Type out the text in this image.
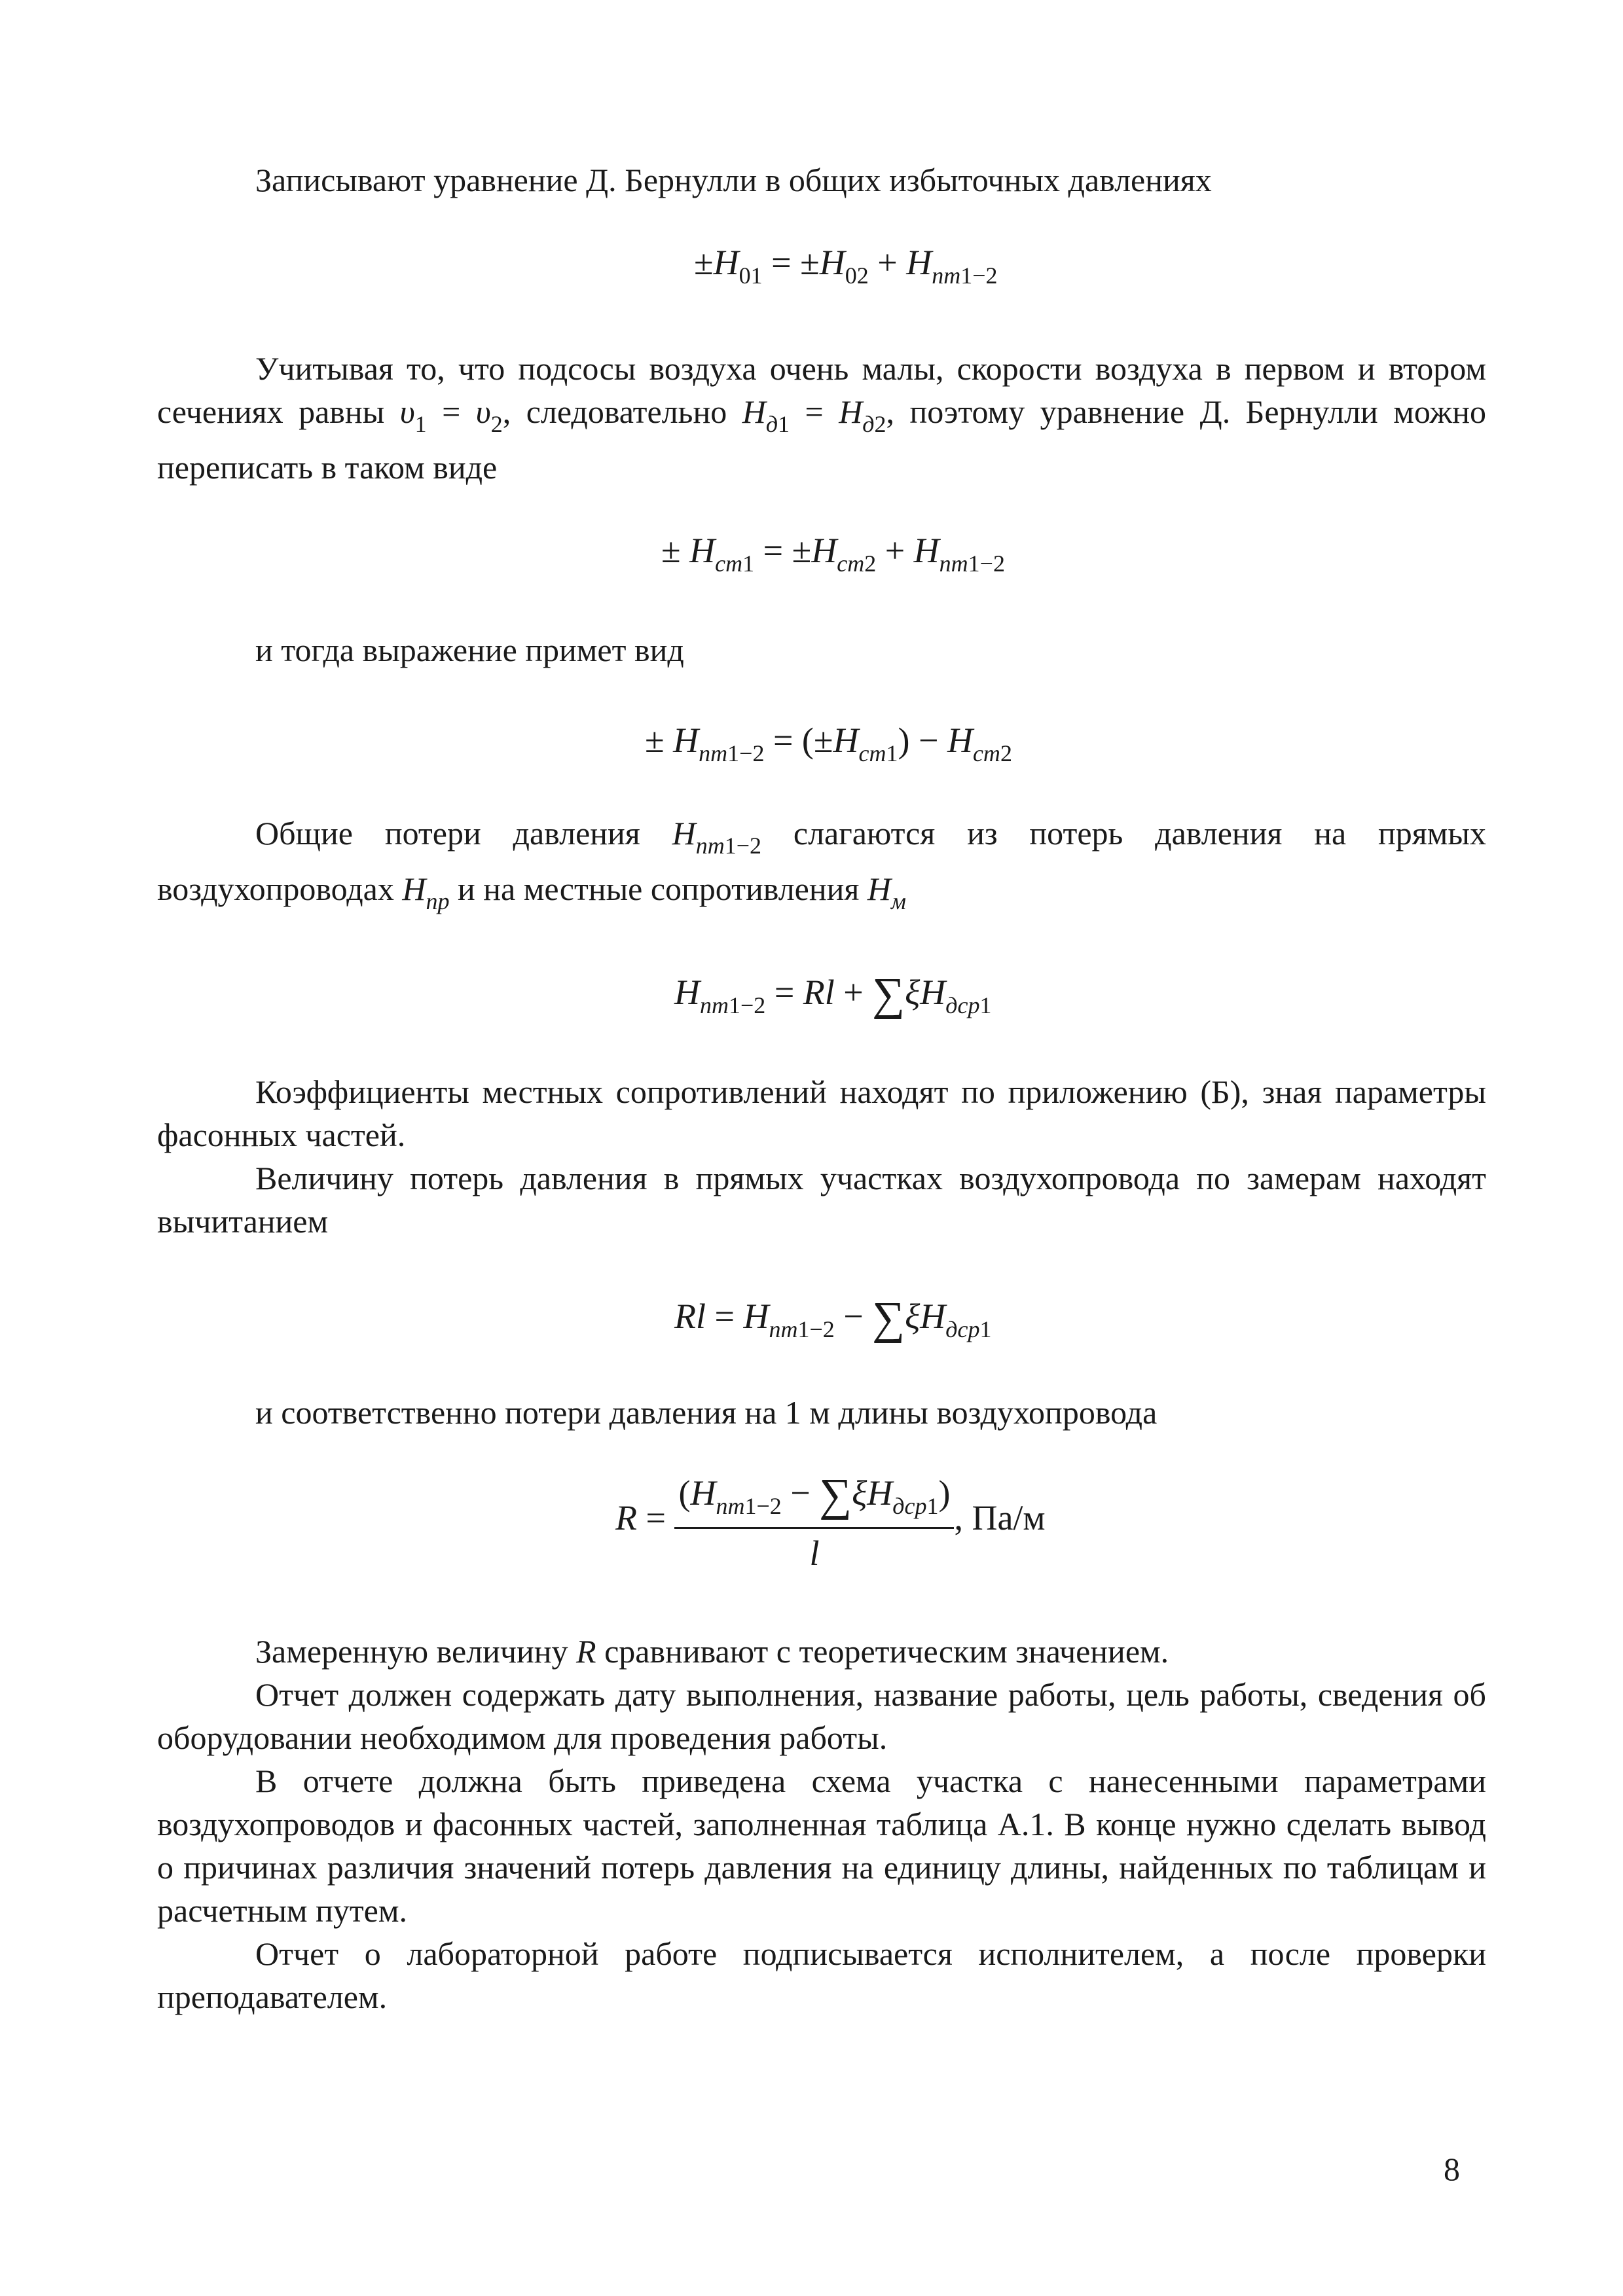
Записывают уравнение Д. Бернулли в общих избыточных давлениях

$\pm H_{01} = \pm H_{02} + H_{пт1-2}$

Учитывая то, что подсосы воздуха очень малы, скорости воздуха в первом и втором сечениях равны $\upsilon_1 = \upsilon_2$, следовательно $H_{д1} = H_{д2}$, поэтому уравнение Д. Бернулли можно переписать в таком виде

± $H_{ст1} = \pm H_{ст2} + H_{пт1-2}$

и тогда выражение примет вид

± $H_{пт1-2} = (\pm H_{ст1}) - H_{ст2}$

Общие потери давления $H_{пт1-2}$ слагаются из потерь давления на прямых воздухопроводах $H_{пр}$ и на местные сопротивления $H_м$

$H_{пт1-2} = Rl + \sum\xi H_{дср1}$

Коэффициенты местных сопротивлений находят по приложению (Б), зная параметры фасонных частей.

Величину потерь давления в прямых участках воздухопровода по замерам находят вычитанием

$Rl = H_{пт1-2} - \sum\xi H_{дср1}$

и соответственно потери давления на 1 м длины воздухопровода

$R = \frac{(H_{пт1-2} - \sum\xi H_{дср1})}{l}$ , Па/м

Замеренную величину R сравнивают с теоретическим значением.

Отчет должен содержать дату выполнения, название работы, цель работы, сведения об оборудовании необходимом для проведения работы.

В отчете должна быть приведена схема участка с нанесенными параметрами воздухопроводов и фасонных частей, заполненная таблица А.1. В конце нужно сделать вывод о причинах различия значений потерь давления на единицу длины, найденных по таблицам и расчетным путем.

Отчет о лабораторной работе подписывается исполнителем, а после проверки преподавателем.

8
